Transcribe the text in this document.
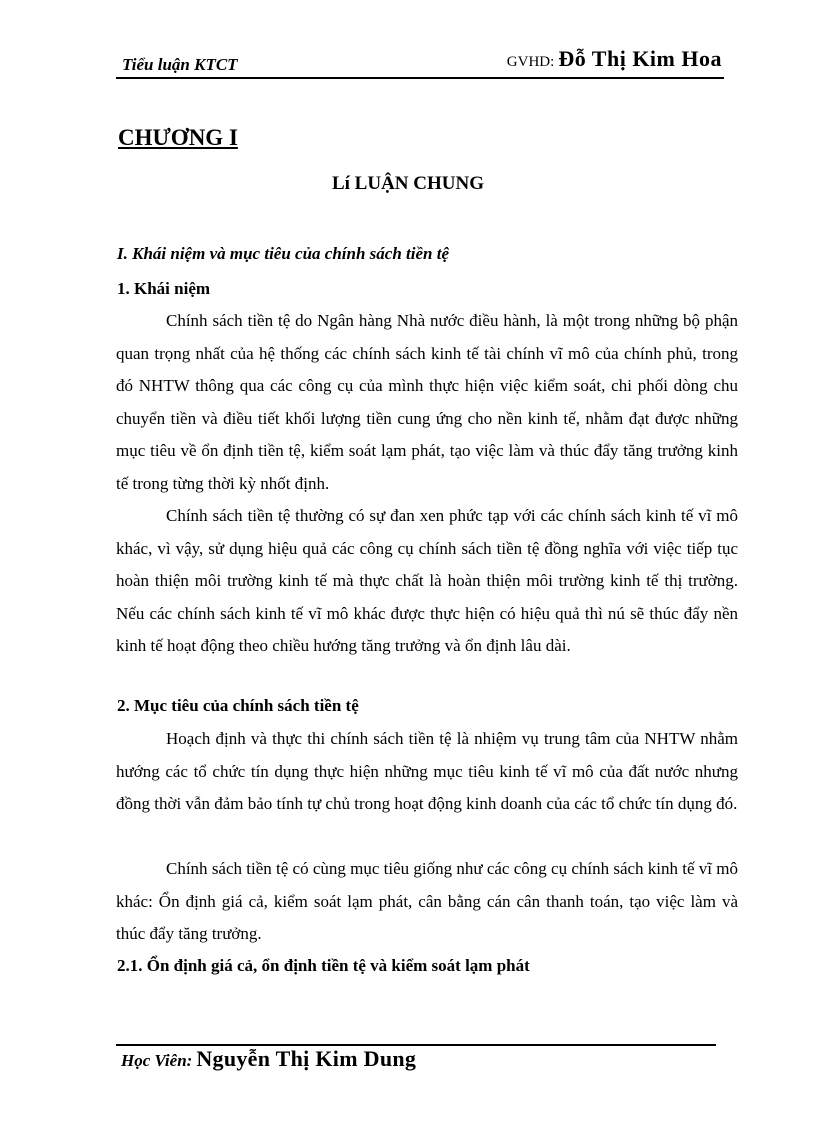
Tiểu luận KTCT	GVHD: Đỗ Thị Kim Hoa
CHƯƠNG I
Lí LUẬN CHUNG
I. Khái niệm và mục tiêu của chính sách tiền tệ
1. Khái niệm

Chính sách tiền tệ do Ngân hàng Nhà nước điều hành, là một trong những bộ phận quan trọng nhất của hệ thống các chính sách kinh tế tài chính vĩ mô của chính phủ, trong đó NHTW thông qua các công cụ của mình thực hiện việc kiểm soát, chi phối dòng chu chuyển tiền và điều tiết khối lượng tiền cung ứng cho nền kinh tế, nhằm đạt được những mục tiêu về ổn định tiền tệ, kiểm soát lạm phát, tạo việc làm và thúc đẩy tăng trưởng kinh tế trong từng thời kỳ nhốt định.

Chính sách tiền tệ thường có sự đan xen phức tạp với các chính sách kinh tế vĩ mô khác, vì vậy, sử dụng hiệu quả các công cụ chính sách tiền tệ đồng nghĩa với việc tiếp tục hoàn thiện môi trường kinh tế mà thực chất là hoàn thiện môi trường kinh tế thị trường. Nếu các chính sách kinh tế vĩ mô khác được thực hiện có hiệu quả thì nú sẽ thúc đẩy nền kinh tế hoạt động theo chiều hướng tăng trưởng và ổn định lâu dài.

2. Mục tiêu của chính sách tiền tệ

Hoạch định và thực thi chính sách tiền tệ là nhiệm vụ trung tâm của NHTW nhằm hướng các tổ chức tín dụng thực hiện những mục tiêu kinh tế vĩ mô của đất nước nhưng đồng thời vẫn đảm bảo tính tự chủ trong hoạt động kinh doanh của các tổ chức tín dụng đó.

Chính sách tiền tệ có cùng mục tiêu giống như các công cụ chính sách kinh tế vĩ mô khác: Ổn định giá cả, kiểm soát lạm phát, cân bằng cán cân thanh toán, tạo việc làm và thúc đẩy tăng trưởng.

2.1. Ổn định giá cả, ổn định tiền tệ và kiểm soát lạm phát
Học Viên: Nguyễn Thị Kim Dung
